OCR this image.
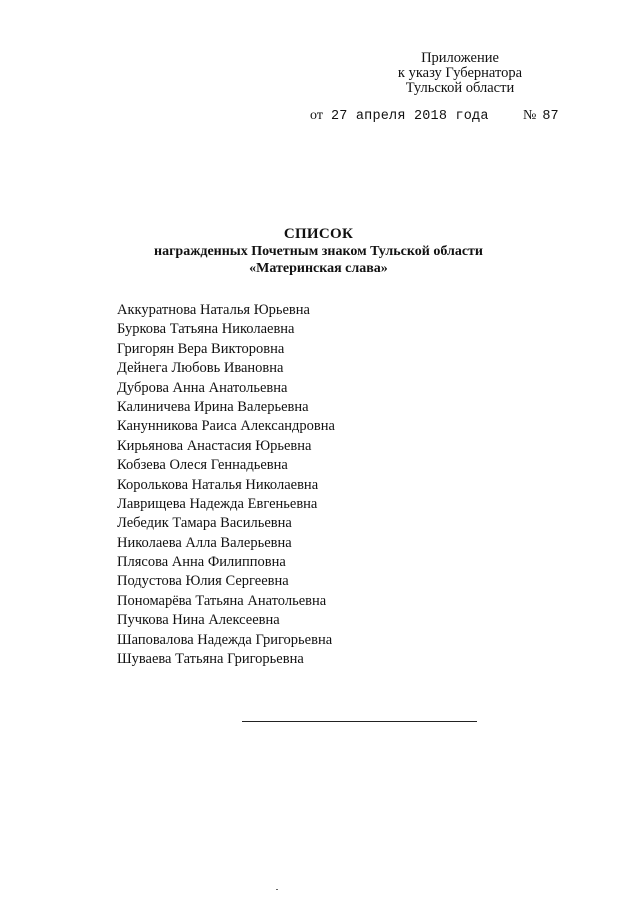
Приложение
к указу Губернатора
Тульской области
от 27 апреля 2018 года № 87
СПИСОК
награжденных Почетным знаком Тульской области
«Материнская слава»
Аккуратнова Наталья Юрьевна
Буркова Татьяна Николаевна
Григорян Вера Викторовна
Дейнега Любовь Ивановна
Дуброва Анна Анатольевна
Калиничева Ирина Валерьевна
Канунникова Раиса Александровна
Кирьянова Анастасия Юрьевна
Кобзева Олеся Геннадьевна
Королькова Наталья Николаевна
Лаврищева Надежда Евгеньевна
Лебедик Тамара Васильевна
Николаева Алла Валерьевна
Плясова Анна Филипповна
Подустова Юлия Сергеевна
Пономарёва Татьяна Анатольевна
Пучкова Нина Алексеевна
Шаповалова Надежда Григорьевна
Шуваева Татьяна Григорьевна
